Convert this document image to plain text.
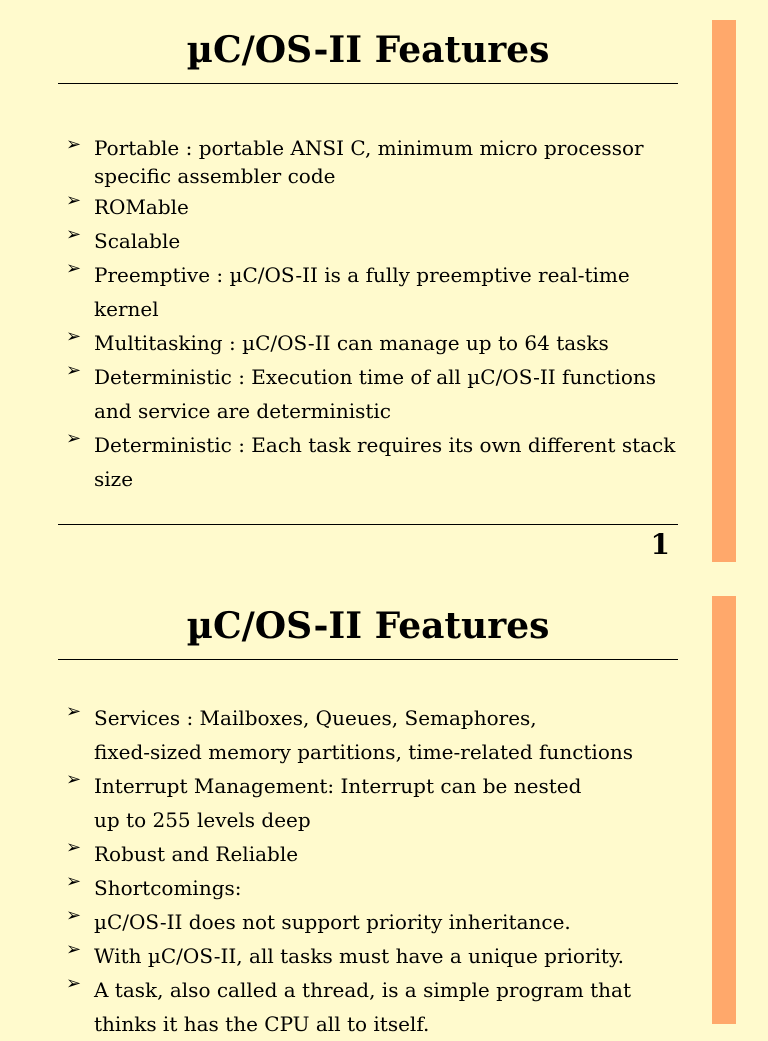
µC/OS-II Features
➢ Portable : portable ANSI C, minimum micro processor
specific assembler code
➢ ROMable
➢ Scalable
➢ Preemptive : µC/OS-II is a fully preemptive real-time
kernel
➢ Multitasking : µC/OS-II can manage up to 64 tasks
➢ Deterministic : Execution time of all µC/OS-II functions
and service are deterministic
➢ Deterministic : Each task requires its own different stack
size
1
µC/OS-II Features
➢ Services : Mailboxes, Queues, Semaphores,
fixed-sized memory partitions, time-related functions
➢ Interrupt Management: Interrupt can be nested
up to 255 levels deep
➢ Robust and Reliable
➢ Shortcomings:
➢ µC/OS-II does not support priority inheritance.
➢ With µC/OS-II, all tasks must have a unique priority.
➢ A task, also called a thread, is a simple program that
thinks it has the CPU all to itself.
